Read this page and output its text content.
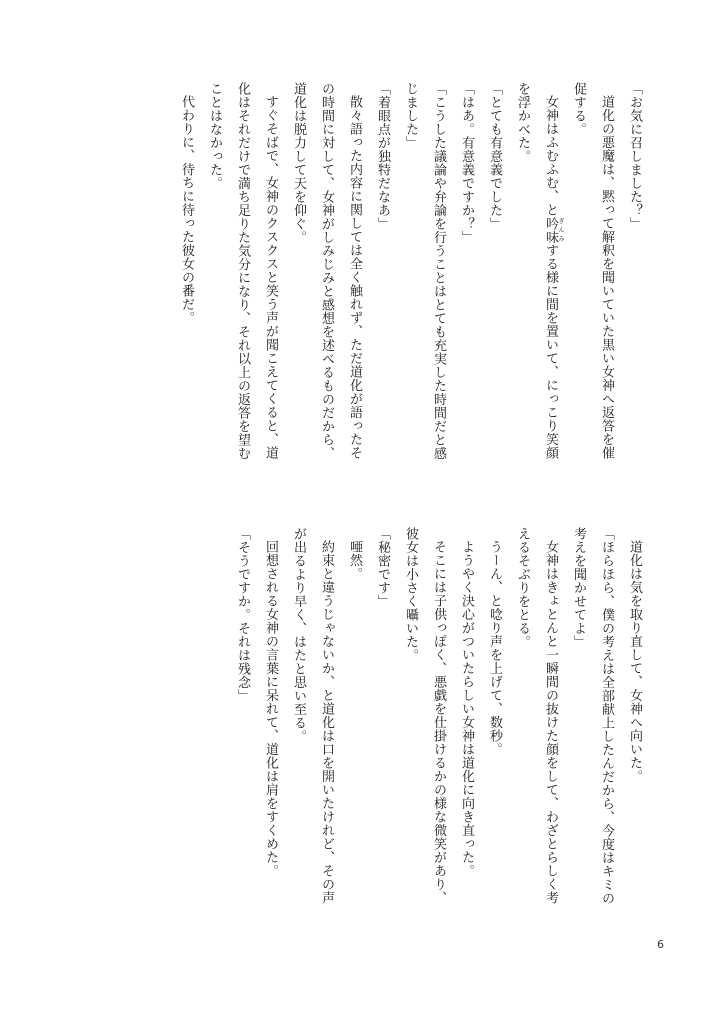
「お気に召しました？」
道化の悪魔は、黙って解釈を聞いていた黒い女神へ返答を催
促する。
女神はふむふむ、と吟味 ぎんみする様に間を置いて、にっこり笑顔
を浮かべた。
「とても有意義でした」
「はあ。有意義ですか？」
「こうした議論や弁論を行うことはとても充実した時間だと感
じました」
「着眼点が独特だなあ」
散々語った内容に関しては全く触れず、ただ道化が語ったそ
の時間に対して、女神がしみじみと感想を述べるものだから、
道化は脱力して天を仰ぐ。
すぐそばで、女神のクスクスと笑う声が聞こえてくると、道
化はそれだけで満ち足りた気分になり、それ以上の返答を望む
ことはなかった。
代わりに、待ちに待った彼女の番だ。
道化は気を取り直して、女神へ向いた。
「ほらほら、僕の考えは全部献上したんだから、今度はキミの
考えを聞かせてよ」
女神はきょとんと一瞬間の抜けた顔をして、わざとらしく考
えるそぶりをとる。
うーん、と唸り声を上げて、数秒。
ようやく決心がついたらしい女神は道化に向き直った。
そこには子供っぽく、悪戯を仕掛けるかの様な微笑があり、
彼女は小さく囁いた。
「秘密です」
唖然。
約束と違うじゃないか、と道化は口を開いたけれど、その声
が出るより早く、はたと思い至る。
回想される女神の言葉に呆れて、道化は肩をすくめた。
「そうですか。それは残念」
6
